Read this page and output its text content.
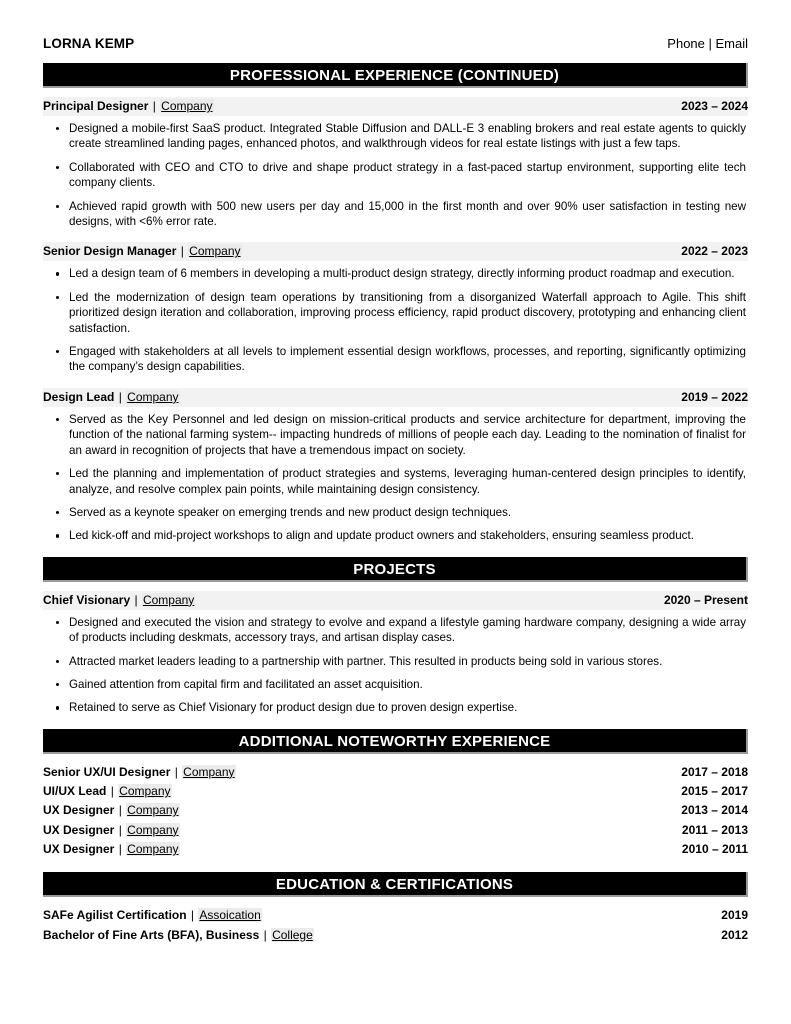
LORNA KEMP	Phone | Email
PROFESSIONAL EXPERIENCE (CONTINUED)
Principal Designer | Company	2023 – 2024
Designed a mobile-first SaaS product. Integrated Stable Diffusion and DALL-E 3 enabling brokers and real estate agents to quickly create streamlined landing pages, enhanced photos, and walkthrough videos for real estate listings with just a few taps.
Collaborated with CEO and CTO to drive and shape product strategy in a fast-paced startup environment, supporting elite tech company clients.
Achieved rapid growth with 500 new users per day and 15,000 in the first month and over 90% user satisfaction in testing new designs, with <6% error rate.
Senior Design Manager | Company	2022 – 2023
Led a design team of 6 members in developing a multi-product design strategy, directly informing product roadmap and execution.
Led the modernization of design team operations by transitioning from a disorganized Waterfall approach to Agile. This shift prioritized design iteration and collaboration, improving process efficiency, rapid product discovery, prototyping and enhancing client satisfaction.
Engaged with stakeholders at all levels to implement essential design workflows, processes, and reporting, significantly optimizing the company’s design capabilities.
Design Lead | Company	2019 – 2022
Served as the Key Personnel and led design on mission-critical products and service architecture for department, improving the function of the national farming system-- impacting hundreds of millions of people each day. Leading to the nomination of finalist for an award in recognition of projects that have a tremendous impact on society.
Led the planning and implementation of product strategies and systems, leveraging human-centered design principles to identify, analyze, and resolve complex pain points, while maintaining design consistency.
Served as a keynote speaker on emerging trends and new product design techniques.
Led kick-off and mid-project workshops to align and update product owners and stakeholders, ensuring seamless product.
PROJECTS
Chief Visionary | Company	2020 – Present
Designed and executed the vision and strategy to evolve and expand a lifestyle gaming hardware company, designing a wide array of products including deskmats, accessory trays, and artisan display cases.
Attracted market leaders leading to a partnership with partner. This resulted in products being sold in various stores.
Gained attention from capital firm and facilitated an asset acquisition.
Retained to serve as Chief Visionary for product design due to proven design expertise.
ADDITIONAL NOTEWORTHY EXPERIENCE
Senior UX/UI Designer | Company	2017 – 2018
UI/UX Lead | Company	2015 – 2017
UX Designer | Company	2013 – 2014
UX Designer | Company	2011 – 2013
UX Designer | Company	2010 – 2011
EDUCATION & CERTIFICATIONS
SAFe Agilist Certification | Assoication	2019
Bachelor of Fine Arts (BFA), Business | College	2012
